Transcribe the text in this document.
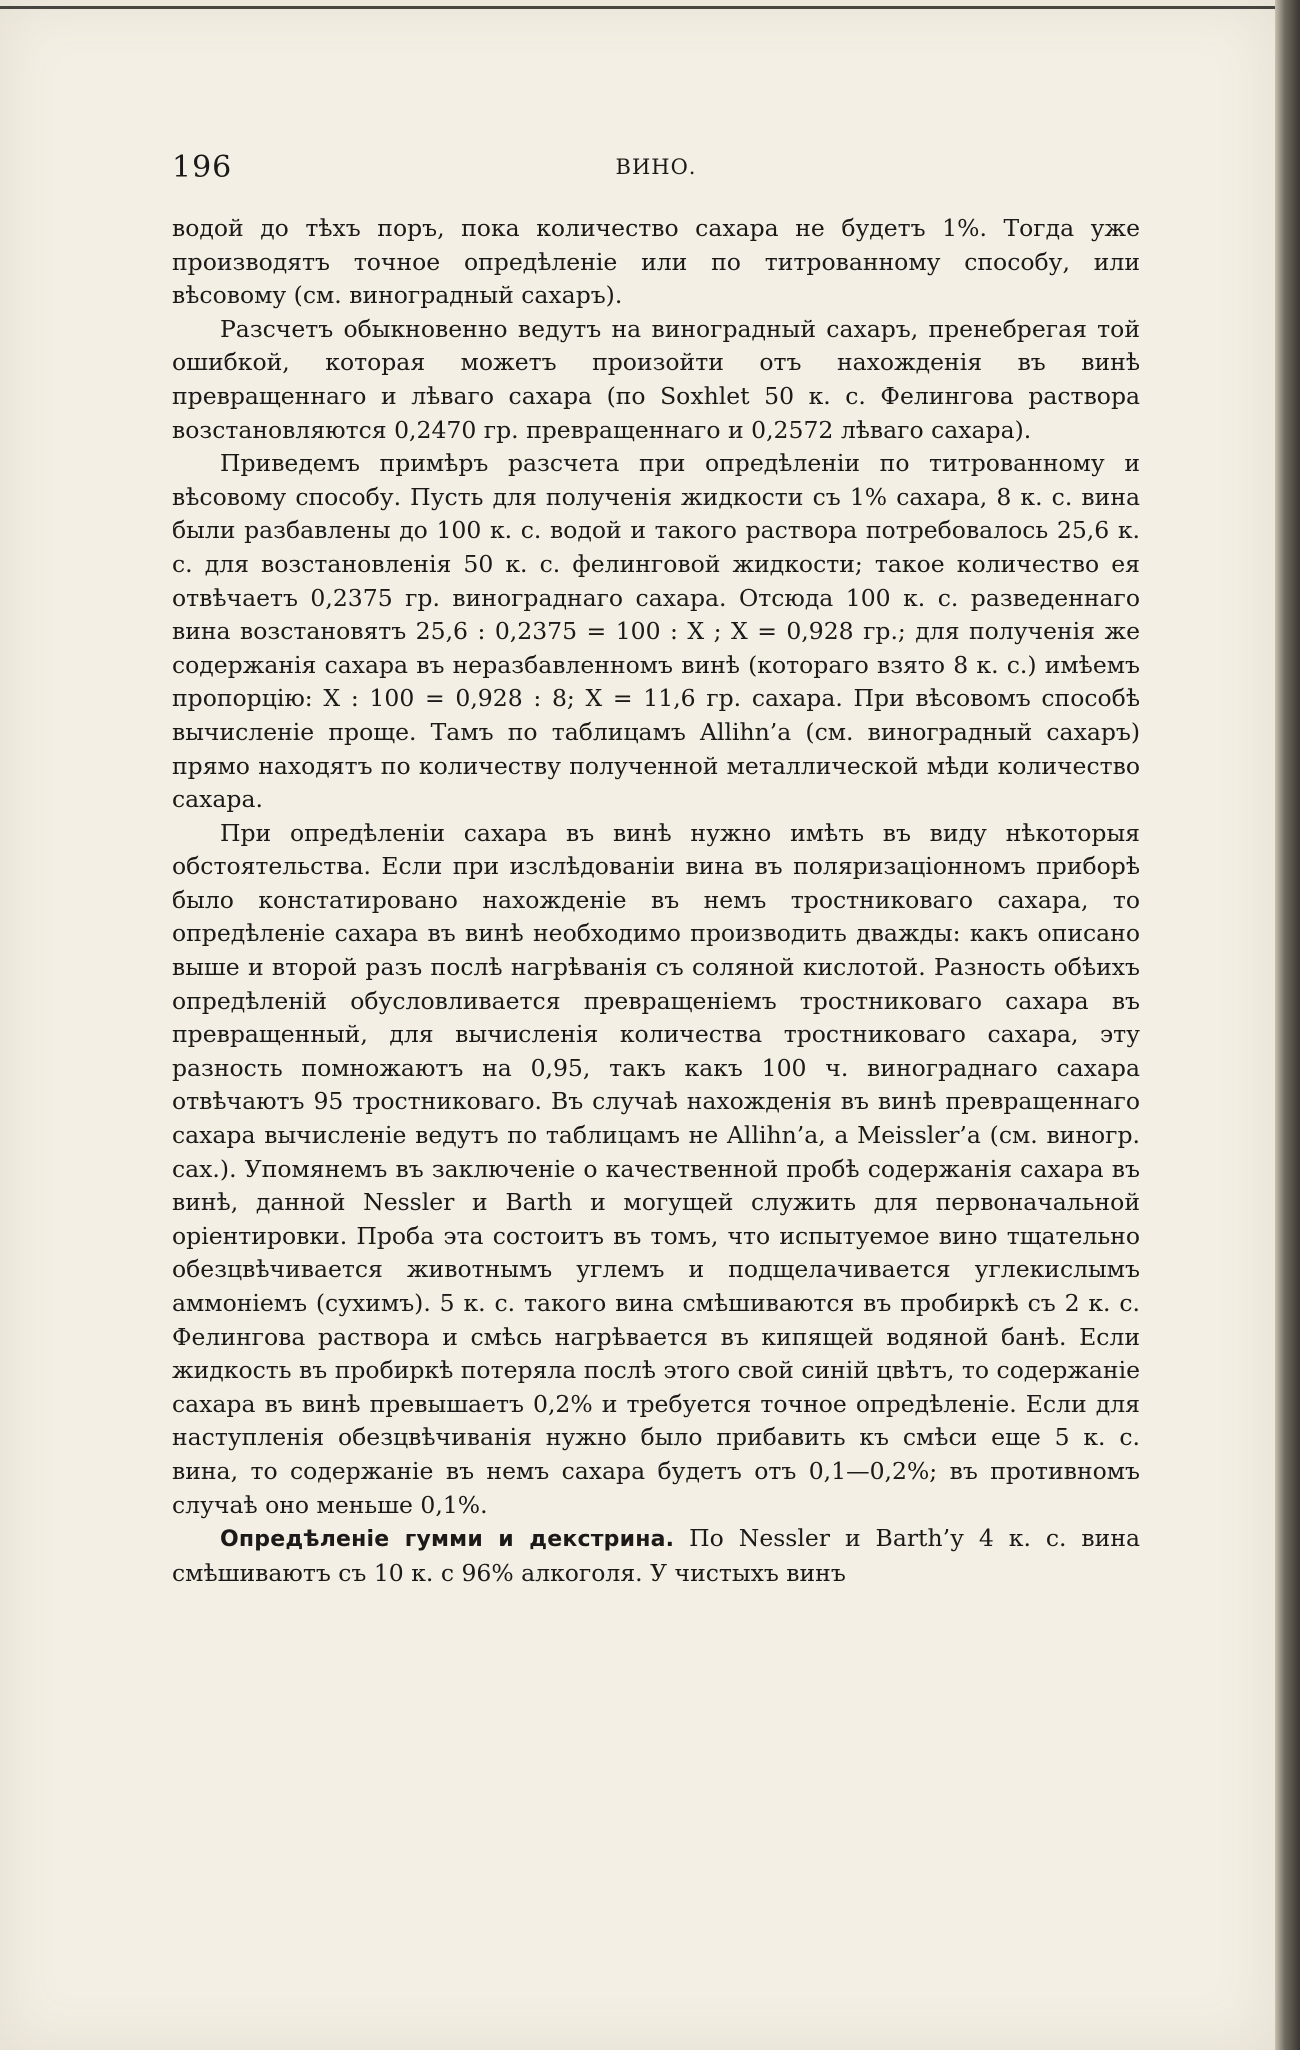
196	ВИНО.

водой до тѣхъ поръ, пока количество сахара не будетъ 1%. Тогда уже производятъ точное опредѣленіе или по титрованному способу, или вѣсовому (см. виноградный сахаръ).

Разсчетъ обыкновенно ведутъ на виноградный сахаръ, пренебрегая той ошибкой, которая можетъ произойти отъ нахожденія въ винѣ превращеннаго и лѣваго сахара (по Soxhlet 50 к. с. Фелингова раствора возстановляются 0,2470 гр. превращеннаго и 0,2572 лѣваго сахара).

Приведемъ примѣръ разсчета при опредѣленіи по титрованному и вѣсовому способу. Пусть для полученія жидкости съ 1% сахара, 8 к. с. вина были разбавлены до 100 к. с. водой и такого раствора потребовалось 25,6 к. с. для возстановленія 50 к. с. фелинговой жидкости; такое количество ея отвѣчаетъ 0,2375 гр. винограднаго сахара. Отсюда 100 к. с. разведеннаго вина возстановятъ 25,6 : 0,2375 = 100 : X ; X = 0,928 гр.; для полученія же содержанія сахара въ неразбавленномъ винѣ (котораго взято 8 к. с.) имѣемъ пропорцію: X : 100 = 0,928 : 8; X = 11,6 гр. сахара. При вѣсовомъ способѣ вычисленіе проще. Тамъ по таблицамъ Allihn’а (см. виноградный сахаръ) прямо находятъ по количеству полученной металлической мѣди количество сахара.

При опредѣленіи сахара въ винѣ нужно имѣть въ виду нѣкоторыя обстоятельства. Если при изслѣдованіи вина въ поляризаціонномъ приборѣ было констатировано нахожденіе въ немъ тростниковаго сахара, то опредѣленіе сахара въ винѣ необходимо производить дважды: какъ описано выше и второй разъ послѣ нагрѣванія съ соляной кислотой. Разность обѣихъ опредѣленій обусловливается превращеніемъ тростниковаго сахара въ превращенный, для вычисленія количества тростниковаго сахара, эту разность помножаютъ на 0,95, такъ какъ 100 ч. винограднаго сахара отвѣчаютъ 95 тростниковаго. Въ случаѣ нахожденія въ винѣ превращеннаго сахара вычисленіе ведутъ по таблицамъ не Allihn’а, а Meissler’а (см. виногр. сах.). Упомянемъ въ заключеніе о качественной пробѣ содержанія сахара въ винѣ, данной Nessler и Barth и могущей служить для первоначальной оріентировки. Проба эта состоитъ въ томъ, что испытуемое вино тщательно обезцвѣчивается животнымъ углемъ и подщелачивается углекислымъ аммоніемъ (сухимъ). 5 к. с. такого вина смѣшиваются въ пробиркѣ съ 2 к. с. Фелингова раствора и смѣсь нагрѣвается въ кипящей водяной банѣ. Если жидкость въ пробиркѣ потеряла послѣ этого свой синій цвѣтъ, то содержаніе сахара въ винѣ превышаетъ 0,2% и требуется точное опредѣленіе. Если для наступленія обезцвѣчиванія нужно было прибавить къ смѣси еще 5 к. с. вина, то содержаніе въ немъ сахара будетъ отъ 0,1—0,2%; въ противномъ случаѣ оно меньше 0,1%.

Опредѣленіе гумми и декстрина. По Nessler и Barth’у 4 к. с. вина смѣшиваютъ съ 10 к. с 96% алкоголя. У чистыхъ винъ
